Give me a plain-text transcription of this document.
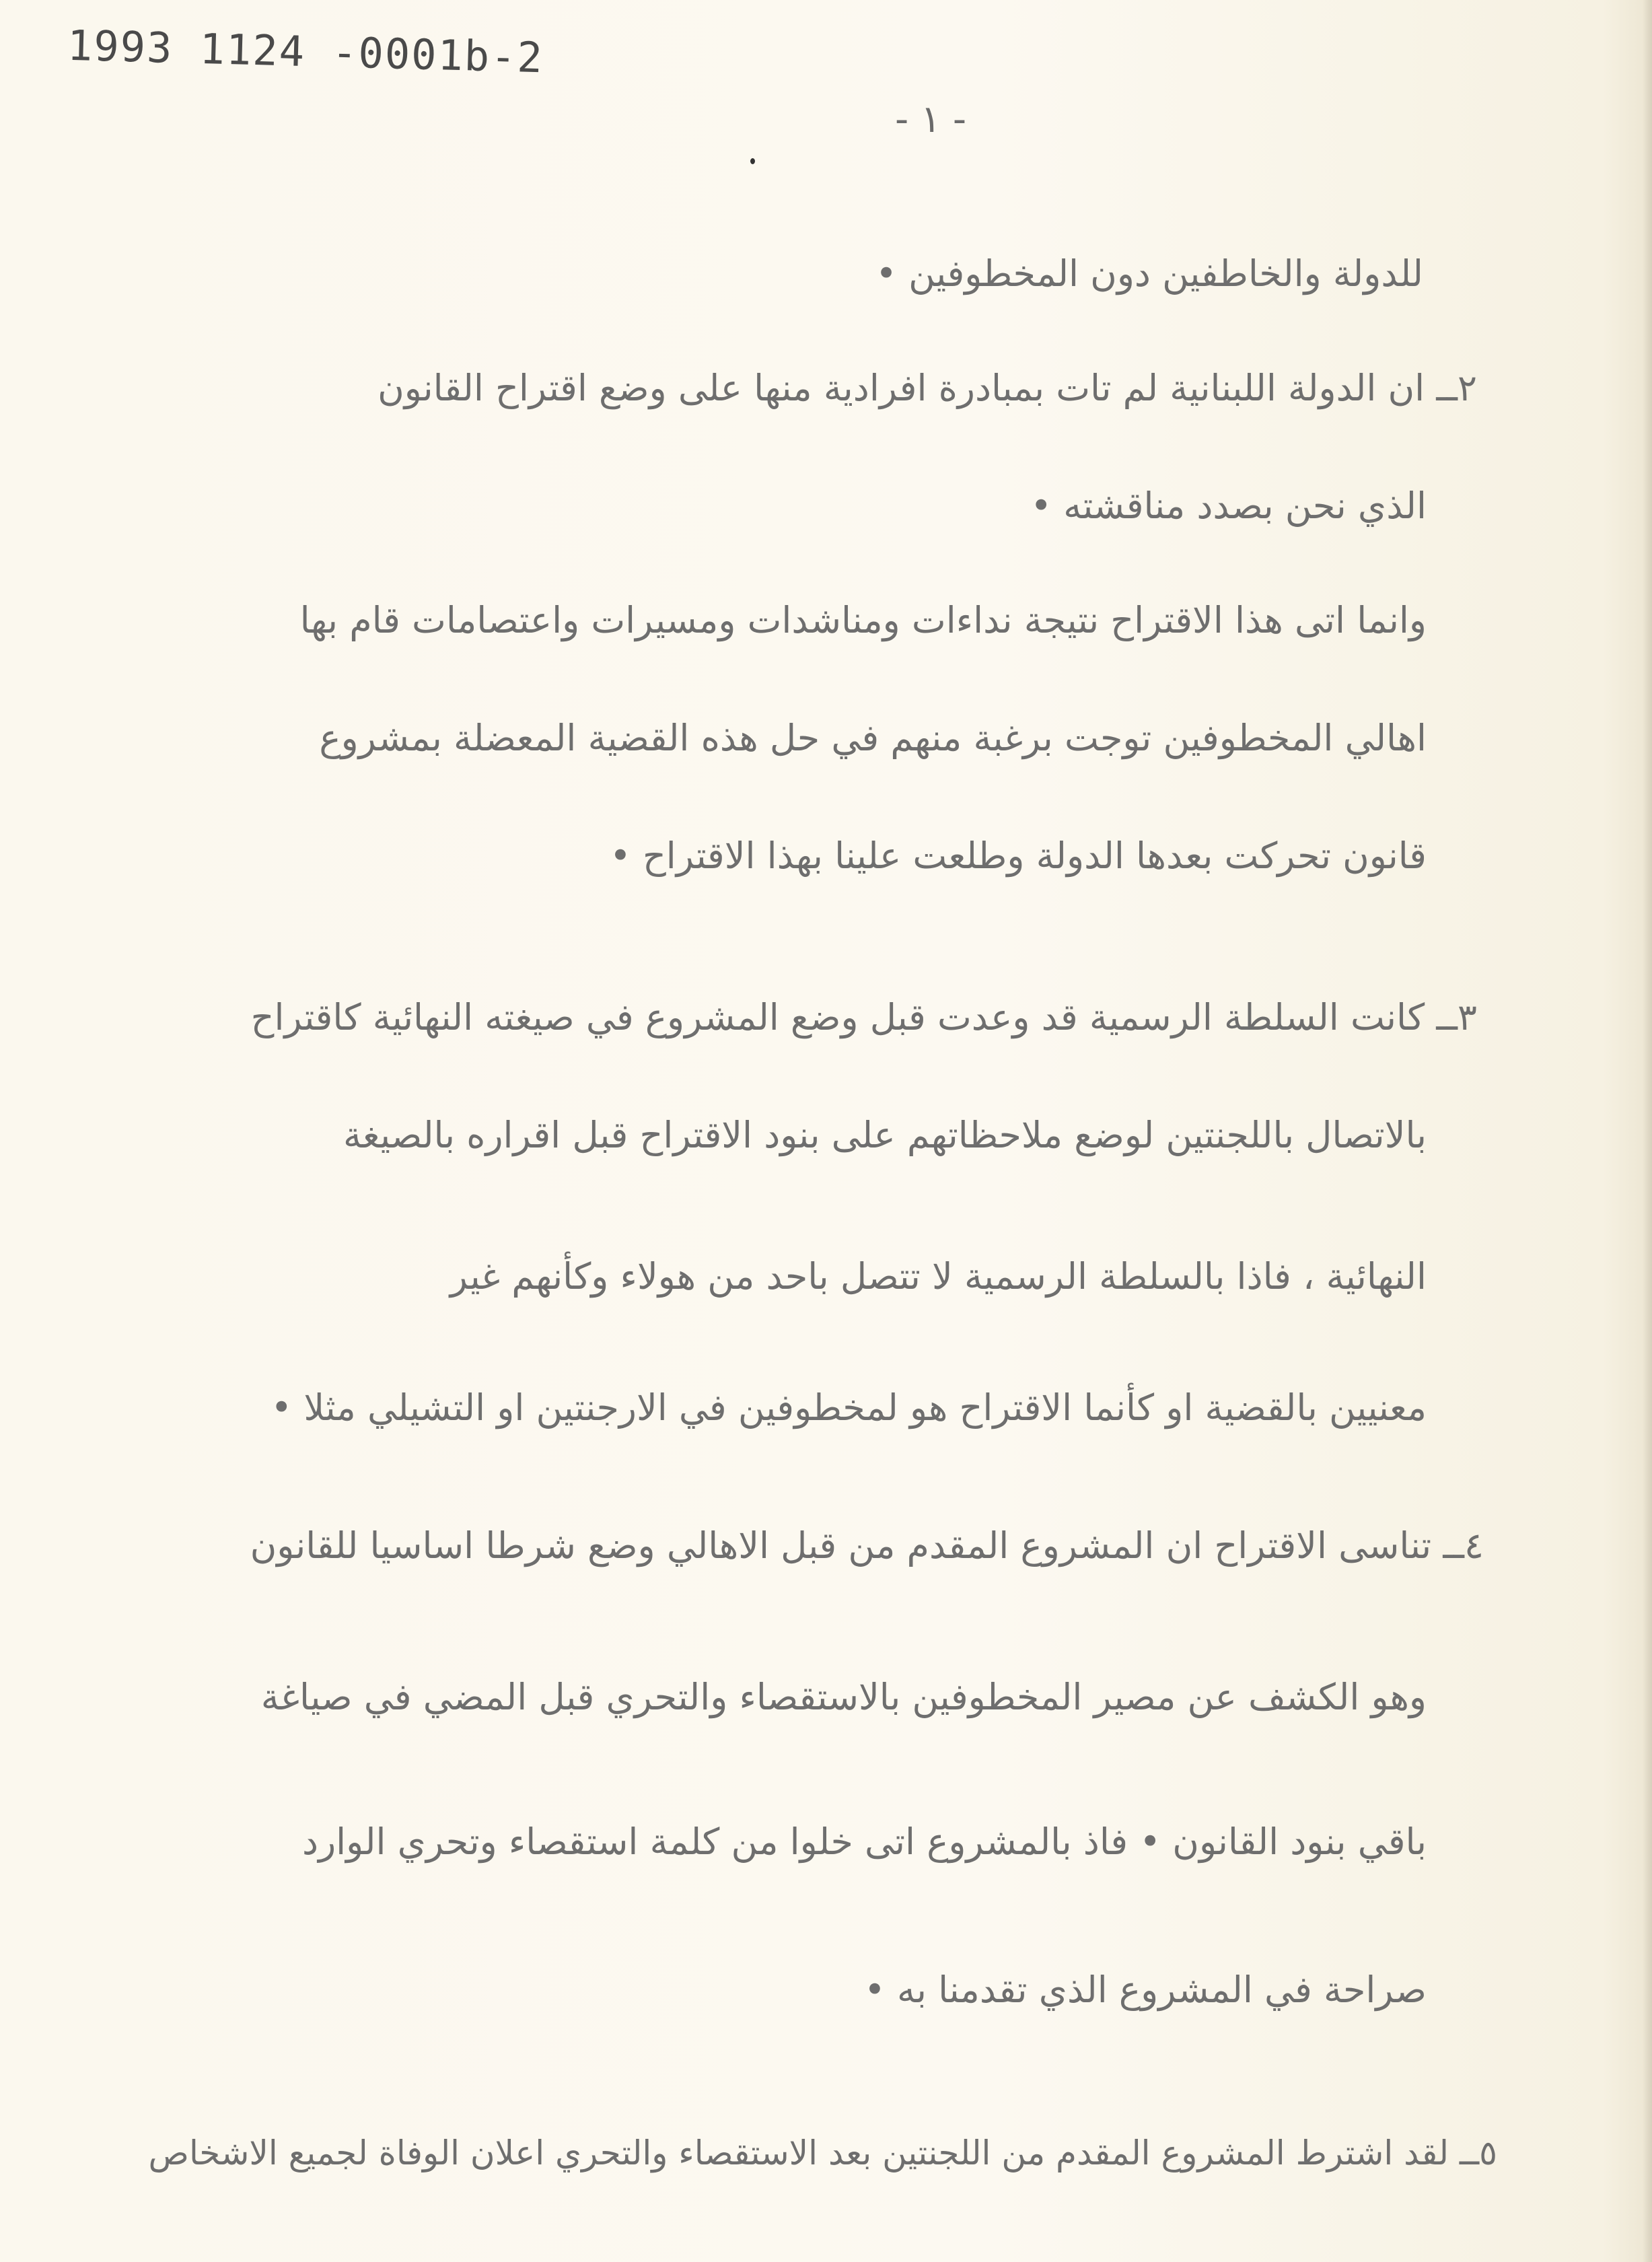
1993 1124 -0001b-2
- ١ -
للدولة والخاطفين دون المخطوفين •
٢ــ ان الدولة اللبنانية لم تات بمبادرة افرادية منها على وضع اقتراح القانون
الذي نحن بصدد مناقشته •
وانما اتى هذا الاقتراح نتيجة نداءات ومناشدات ومسيرات واعتصامات قام بها
اهالي المخطوفين توجت برغبة منهم في حل هذه القضية المعضلة بمشروع
قانون تحركت بعدها الدولة وطلعت علينا بهذا الاقتراح •
٣ــ كانت السلطة الرسمية قد وعدت قبل وضع المشروع في صيغته النهائية كاقتراح
بالاتصال باللجنتين لوضع ملاحظاتهم على بنود الاقتراح قبل اقراره بالصيغة
النهائية ، فاذا بالسلطة الرسمية لا تتصل باحد من هولاء وكأنهم غير
معنيين بالقضية او كأنما الاقتراح هو لمخطوفين في الارجنتين او التشيلي مثلا •
٤ــ تناسى الاقتراح ان المشروع المقدم من قبل الاهالي وضع شرطا اساسيا للقانون
وهو الكشف عن مصير المخطوفين بالاستقصاء والتحري قبل المضي في صياغة
باقي بنود القانون • فاذ بالمشروع اتى خلوا من كلمة استقصاء وتحري الوارد
صراحة في المشروع الذي تقدمنا به •
٥ــ لقد اشترط المشروع المقدم من اللجنتين بعد الاستقصاء والتحري اعلان الوفاة لجميع الاشخاص
